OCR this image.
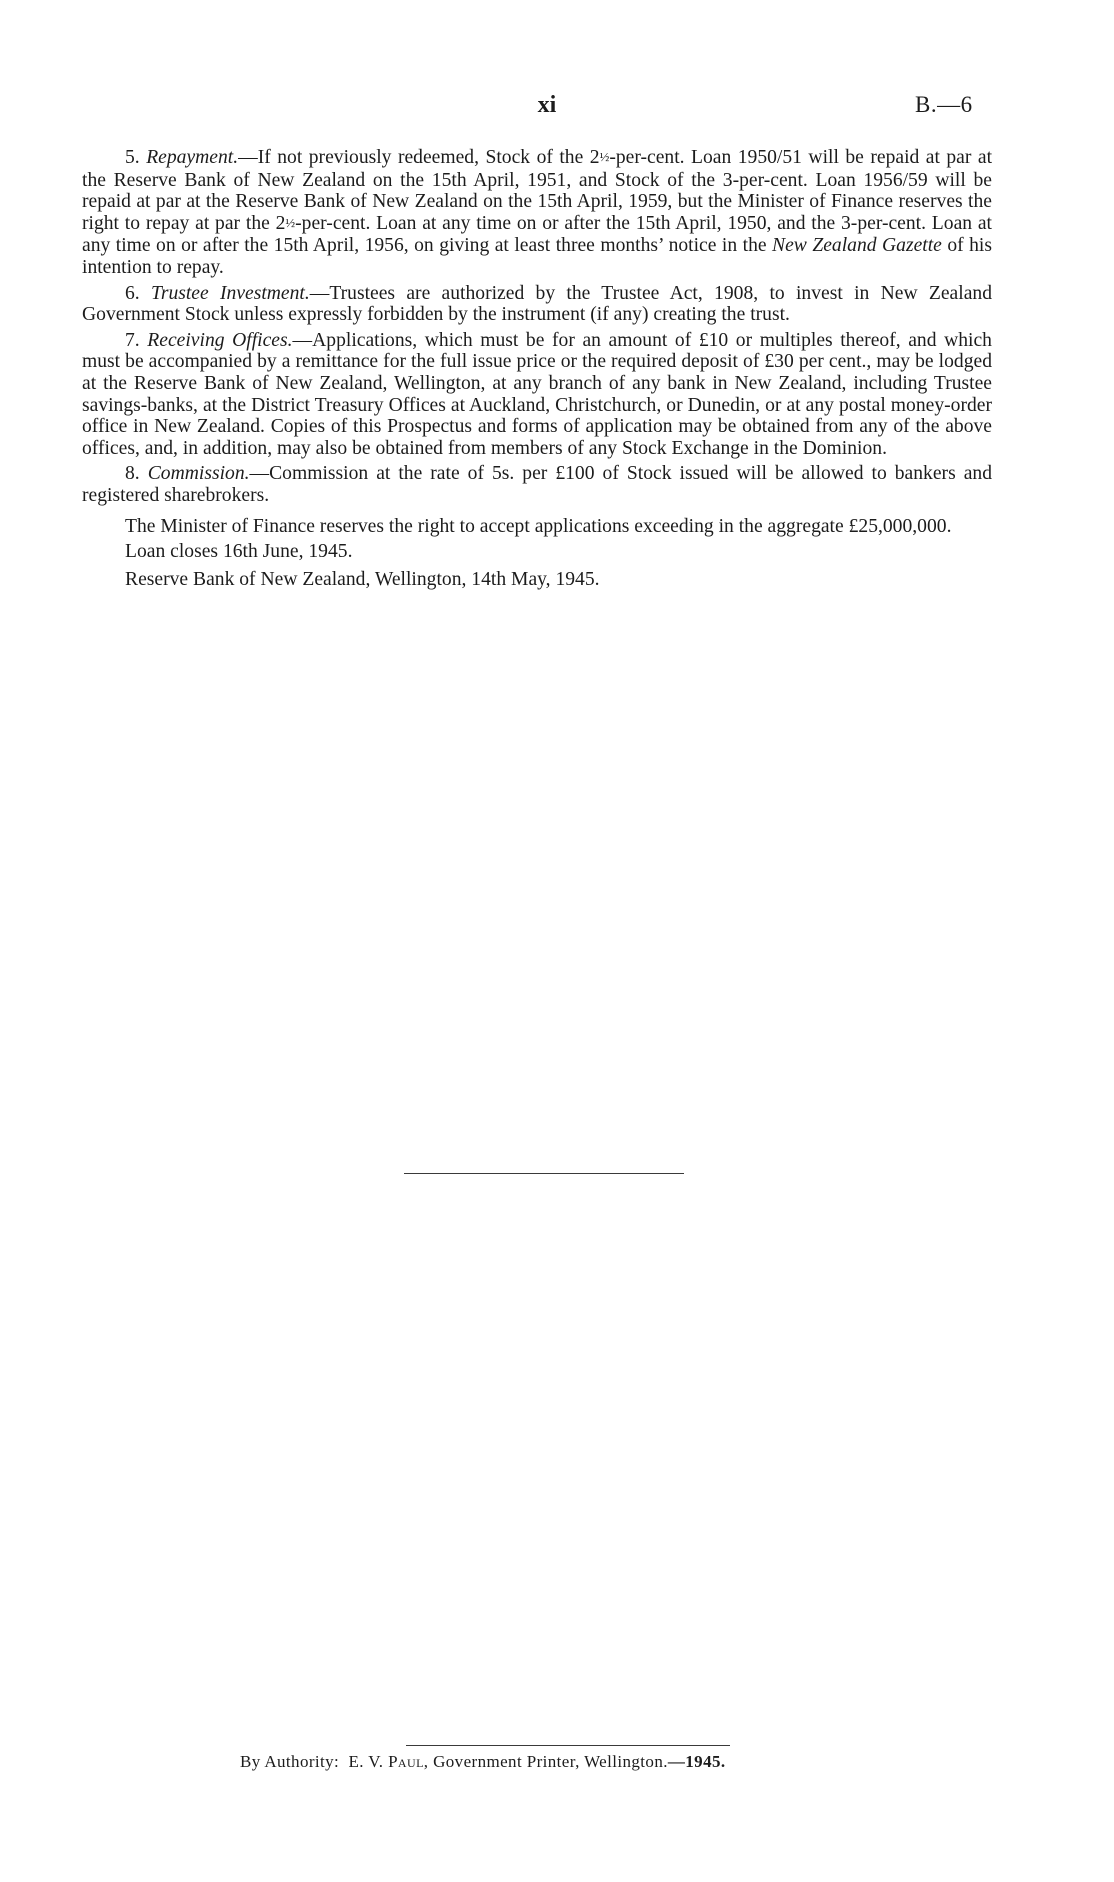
xi	B.—6

5. Repayment.—If not previously redeemed, Stock of the 2½-per-cent. Loan 1950/51 will be repaid at par at the Reserve Bank of New Zealand on the 15th April, 1951, and Stock of the 3-per-cent. Loan 1956/59 will be repaid at par at the Reserve Bank of New Zealand on the 15th April, 1959, but the Minister of Finance reserves the right to repay at par the 2½-per-cent. Loan at any time on or after the 15th April, 1950, and the 3-per-cent. Loan at any time on or after the 15th April, 1956, on giving at least three months’ notice in the New Zealand Gazette of his intention to repay.

6. Trustee Investment.—Trustees are authorized by the Trustee Act, 1908, to invest in New Zealand Government Stock unless expressly forbidden by the instrument (if any) creating the trust.

7. Receiving Offices.—Applications, which must be for an amount of £10 or multiples thereof, and which must be accompanied by a remittance for the full issue price or the required deposit of £30 per cent., may be lodged at the Reserve Bank of New Zealand, Wellington, at any branch of any bank in New Zealand, including Trustee savings-banks, at the District Treasury Offices at Auckland, Christchurch, or Dunedin, or at any postal money-order office in New Zealand. Copies of this Prospectus and forms of application may be obtained from any of the above offices, and, in addition, may also be obtained from members of any Stock Exchange in the Dominion.

8. Commission.—Commission at the rate of 5s. per £100 of Stock issued will be allowed to bankers and registered sharebrokers.

The Minister of Finance reserves the right to accept applications exceeding in the aggregate £25,000,000.

Loan closes 16th June, 1945.

Reserve Bank of New Zealand, Wellington, 14th May, 1945.

By Authority: E. V. Paul, Government Printer, Wellington.—1945.
